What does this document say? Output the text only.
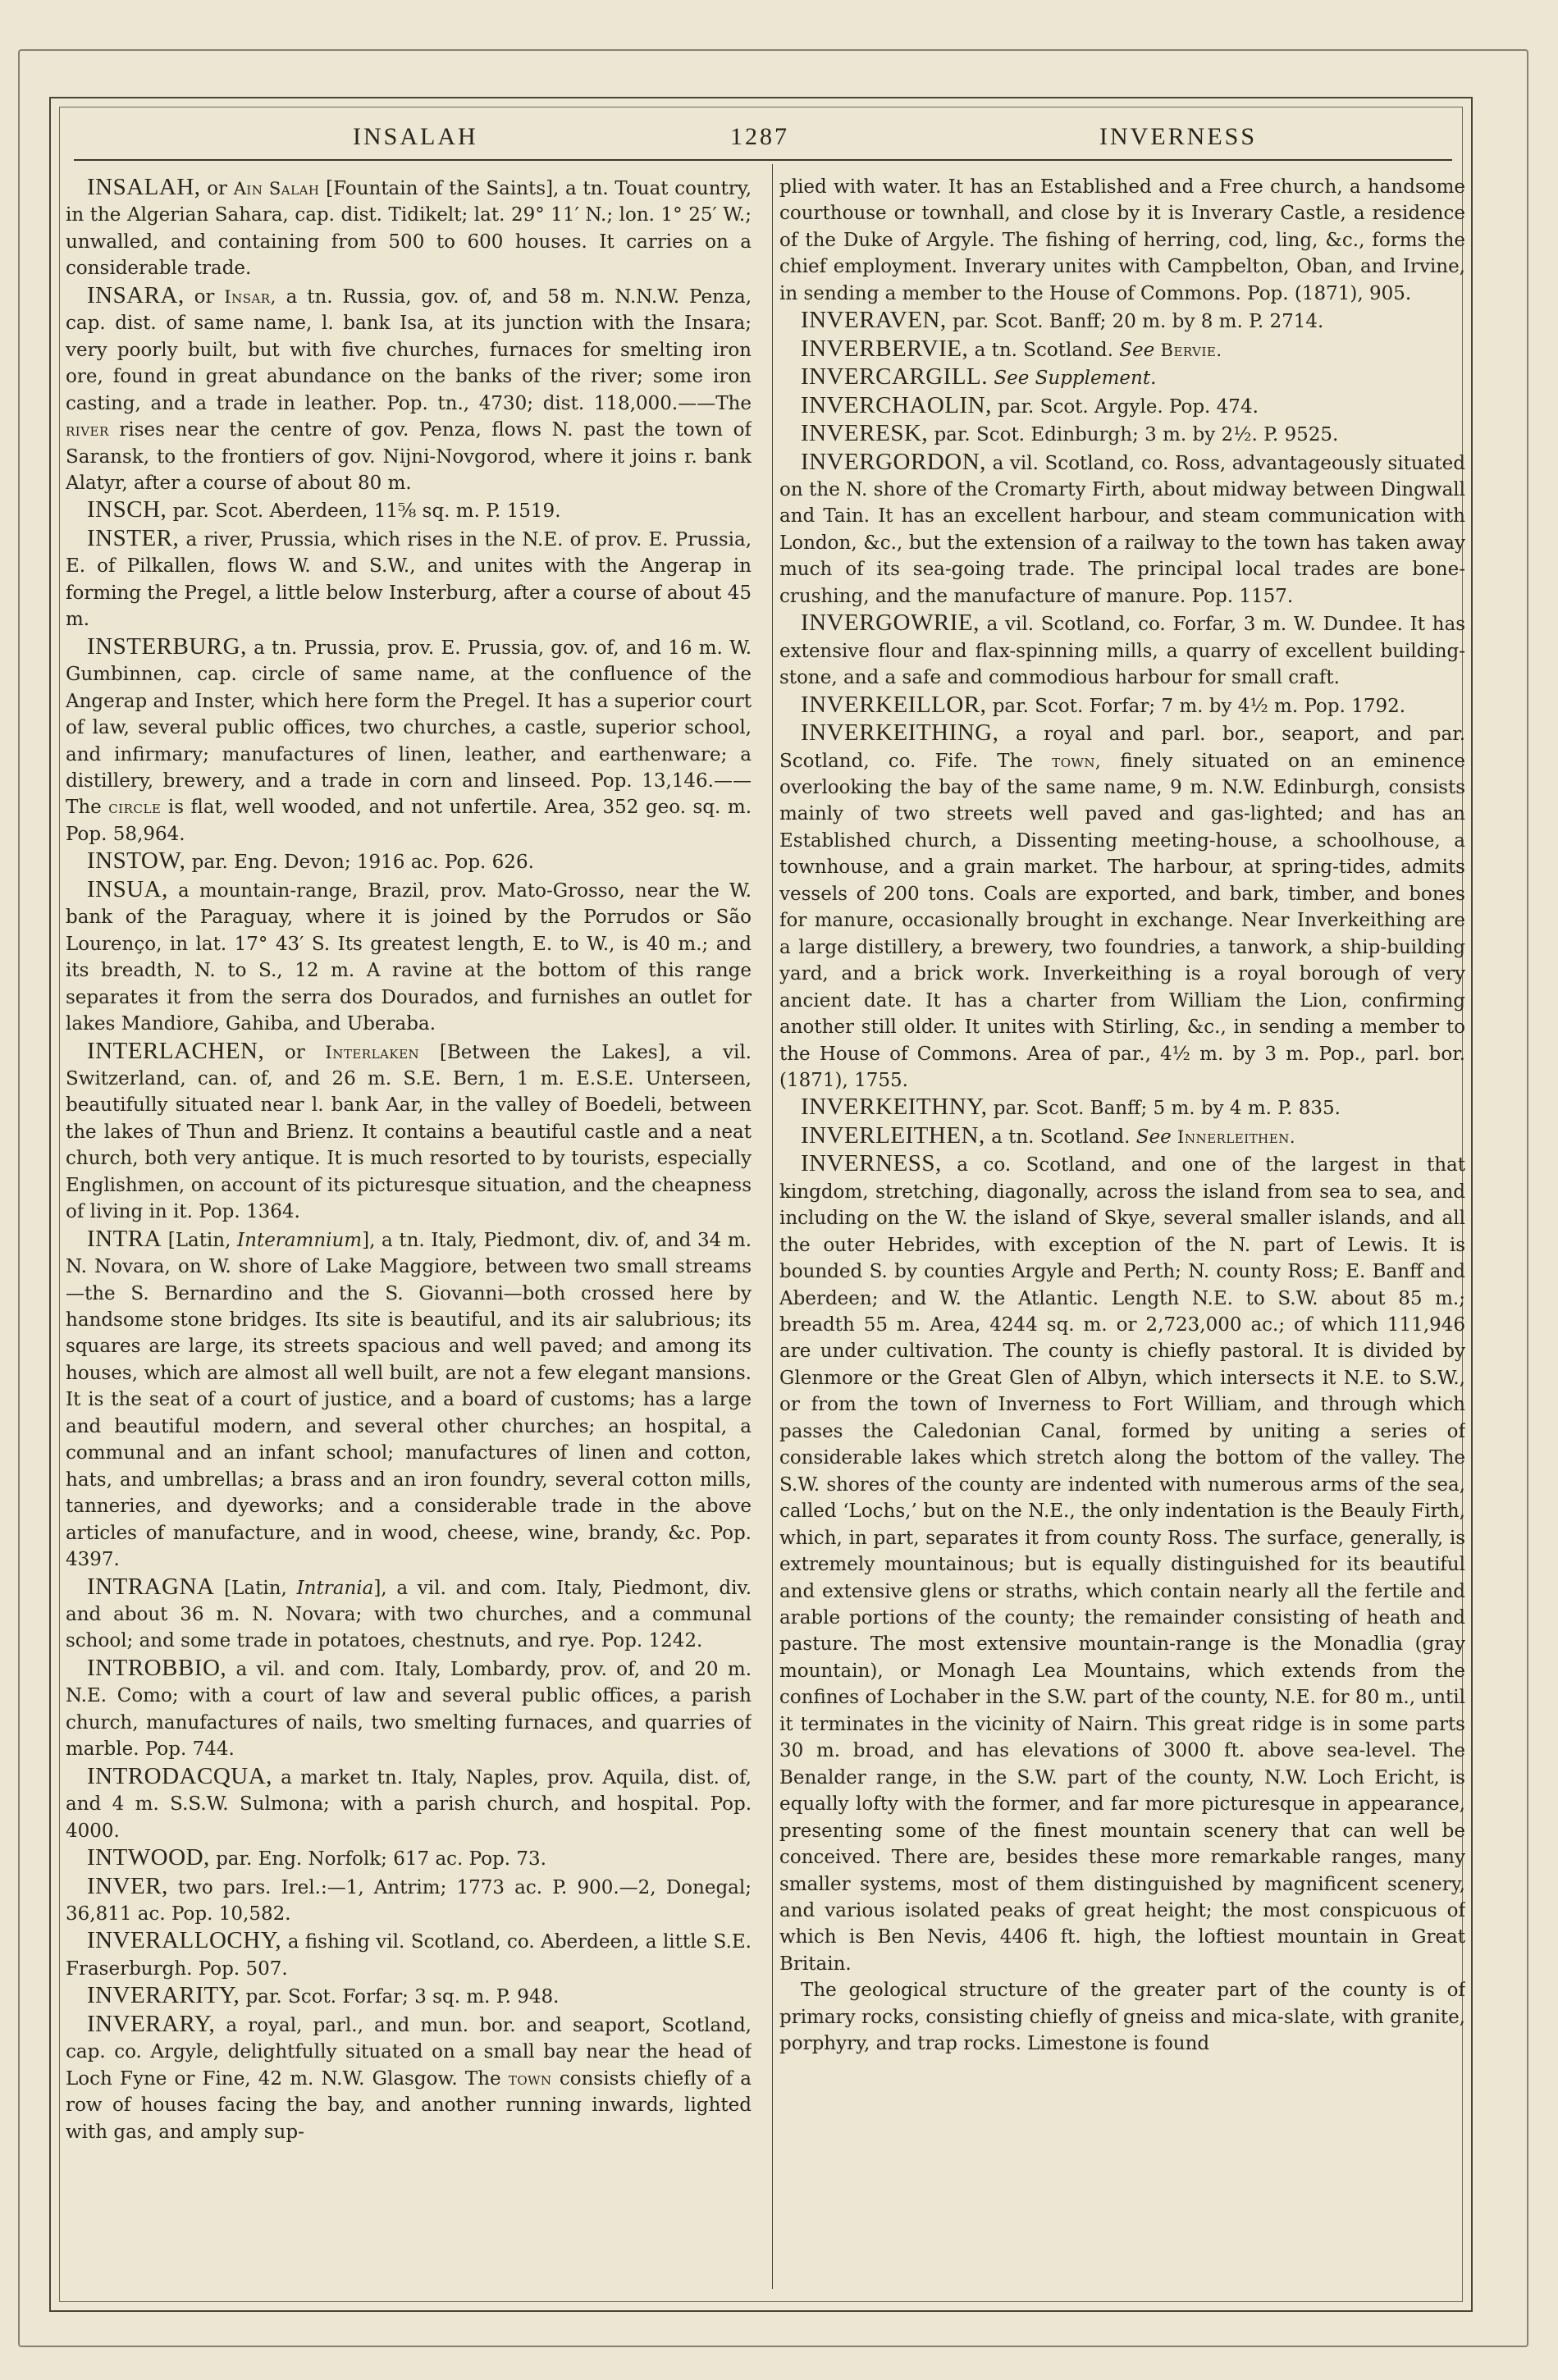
INSALAH	1287	INVERNESS

INSALAH, or Ain Salah [Fountain of the Saints], a tn. Touat country, in the Algerian Sahara, cap. dist. Tidikelt; lat. 29° 11′ N.; lon. 1° 25′ W.; unwalled, and containing from 500 to 600 houses. It carries on a considerable trade.

INSARA, or Insar, a tn. Russia, gov. of, and 58 m. N.N.W. Penza, cap. dist. of same name, l. bank Isa, at its junction with the Insara; very poorly built, but with five churches, furnaces for smelting iron ore, found in great abundance on the banks of the river; some iron casting, and a trade in leather. Pop. tn., 4730; dist. 118,000.——The river rises near the centre of gov. Penza, flows N. past the town of Saransk, to the frontiers of gov. Nijni-Novgorod, where it joins r. bank Alatyr, after a course of about 80 m.

INSCH, par. Scot. Aberdeen, 11⅝ sq. m. P. 1519.

INSTER, a river, Prussia, which rises in the N.E. of prov. E. Prussia, E. of Pilkallen, flows W. and S.W., and unites with the Angerap in forming the Pregel, a little below Insterburg, after a course of about 45 m.

INSTERBURG, a tn. Prussia, prov. E. Prussia, gov. of, and 16 m. W. Gumbinnen, cap. circle of same name, at the confluence of the Angerap and Inster, which here form the Pregel. It has a superior court of law, several public offices, two churches, a castle, superior school, and infirmary; manufactures of linen, leather, and earthenware; a distillery, brewery, and a trade in corn and linseed. Pop. 13,146.——The circle is flat, well wooded, and not unfertile. Area, 352 geo. sq. m. Pop. 58,964.

INSTOW, par. Eng. Devon; 1916 ac. Pop. 626.

INSUA, a mountain-range, Brazil, prov. Mato-Grosso, near the W. bank of the Paraguay, where it is joined by the Porrudos or São Lourenço, in lat. 17° 43′ S. Its greatest length, E. to W., is 40 m.; and its breadth, N. to S., 12 m. A ravine at the bottom of this range separates it from the serra dos Dourados, and furnishes an outlet for lakes Mandiore, Gahiba, and Uberaba.

INTERLACHEN, or Interlaken [Between the Lakes], a vil. Switzerland, can. of, and 26 m. S.E. Bern, 1 m. E.S.E. Unterseen, beautifully situated near l. bank Aar, in the valley of Boedeli, between the lakes of Thun and Brienz. It contains a beautiful castle and a neat church, both very antique. It is much resorted to by tourists, especially Englishmen, on account of its picturesque situation, and the cheapness of living in it. Pop. 1364.

INTRA [Latin, Interamnium], a tn. Italy, Piedmont, div. of, and 34 m. N. Novara, on W. shore of Lake Maggiore, between two small streams—the S. Bernardino and the S. Giovanni—both crossed here by handsome stone bridges. Its site is beautiful, and its air salubrious; its squares are large, its streets spacious and well paved; and among its houses, which are almost all well built, are not a few elegant mansions. It is the seat of a court of justice, and a board of customs; has a large and beautiful modern, and several other churches; an hospital, a communal and an infant school; manufactures of linen and cotton, hats, and umbrellas; a brass and an iron foundry, several cotton mills, tanneries, and dyeworks; and a considerable trade in the above articles of manufacture, and in wood, cheese, wine, brandy, &c. Pop. 4397.

INTRAGNA [Latin, Intrania], a vil. and com. Italy, Piedmont, div. and about 36 m. N. Novara; with two churches, and a communal school; and some trade in potatoes, chestnuts, and rye. Pop. 1242.

INTROBBIO, a vil. and com. Italy, Lombardy, prov. of, and 20 m. N.E. Como; with a court of law and several public offices, a parish church, manufactures of nails, two smelting furnaces, and quarries of marble. Pop. 744.

INTRODACQUA, a market tn. Italy, Naples, prov. Aquila, dist. of, and 4 m. S.S.W. Sulmona; with a parish church, and hospital. Pop. 4000.

INTWOOD, par. Eng. Norfolk; 617 ac. Pop. 73.

INVER, two pars. Irel.:—1, Antrim; 1773 ac. P. 900.—2, Donegal; 36,811 ac. Pop. 10,582.

INVERALLOCHY, a fishing vil. Scotland, co. Aberdeen, a little S.E. Fraserburgh. Pop. 507.

INVERARITY, par. Scot. Forfar; 3 sq. m. P. 948.

INVERARY, a royal, parl., and mun. bor. and seaport, Scotland, cap. co. Argyle, delightfully situated on a small bay near the head of Loch Fyne or Fine, 42 m. N.W. Glasgow. The town consists chiefly of a row of houses facing the bay, and another running inwards, lighted with gas, and amply sup-

plied with water. It has an Established and a Free church, a handsome courthouse or townhall, and close by it is Inverary Castle, a residence of the Duke of Argyle. The fishing of herring, cod, ling, &c., forms the chief employment. Inverary unites with Campbelton, Oban, and Irvine, in sending a member to the House of Commons. Pop. (1871), 905.

INVERAVEN, par. Scot. Banff; 20 m. by 8 m. P. 2714.

INVERBERVIE, a tn. Scotland. See Bervie.

INVERCARGILL. See Supplement.

INVERCHAOLIN, par. Scot. Argyle. Pop. 474.

INVERESK, par. Scot. Edinburgh; 3 m. by 2½. P. 9525.

INVERGORDON, a vil. Scotland, co. Ross, advantageously situated on the N. shore of the Cromarty Firth, about midway between Dingwall and Tain. It has an excellent harbour, and steam communication with London, &c., but the extension of a railway to the town has taken away much of its sea-going trade. The principal local trades are bone-crushing, and the manufacture of manure. Pop. 1157.

INVERGOWRIE, a vil. Scotland, co. Forfar, 3 m. W. Dundee. It has extensive flour and flax-spinning mills, a quarry of excellent building-stone, and a safe and commodious harbour for small craft.

INVERKEILLOR, par. Scot. Forfar; 7 m. by 4½ m. Pop. 1792.

INVERKEITHING, a royal and parl. bor., seaport, and par. Scotland, co. Fife. The town, finely situated on an eminence overlooking the bay of the same name, 9 m. N.W. Edinburgh, consists mainly of two streets well paved and gas-lighted; and has an Established church, a Dissenting meeting-house, a schoolhouse, a townhouse, and a grain market. The harbour, at spring-tides, admits vessels of 200 tons. Coals are exported, and bark, timber, and bones for manure, occasionally brought in exchange. Near Inverkeithing are a large distillery, a brewery, two foundries, a tanwork, a ship-building yard, and a brick work. Inverkeithing is a royal borough of very ancient date. It has a charter from William the Lion, confirming another still older. It unites with Stirling, &c., in sending a member to the House of Commons. Area of par., 4½ m. by 3 m. Pop., parl. bor. (1871), 1755.

INVERKEITHNY, par. Scot. Banff; 5 m. by 4 m. P. 835.

INVERLEITHEN, a tn. Scotland. See Innerleithen.

INVERNESS, a co. Scotland, and one of the largest in that kingdom, stretching, diagonally, across the island from sea to sea, and including on the W. the island of Skye, several smaller islands, and all the outer Hebrides, with exception of the N. part of Lewis. It is bounded S. by counties Argyle and Perth; N. county Ross; E. Banff and Aberdeen; and W. the Atlantic. Length N.E. to S.W. about 85 m.; breadth 55 m. Area, 4244 sq. m. or 2,723,000 ac.; of which 111,946 are under cultivation. The county is chiefly pastoral. It is divided by Glenmore or the Great Glen of Albyn, which intersects it N.E. to S.W., or from the town of Inverness to Fort William, and through which passes the Caledonian Canal, formed by uniting a series of considerable lakes which stretch along the bottom of the valley. The S.W. shores of the county are indented with numerous arms of the sea, called ‘Lochs,’ but on the N.E., the only indentation is the Beauly Firth, which, in part, separates it from county Ross. The surface, generally, is extremely mountainous; but is equally distinguished for its beautiful and extensive glens or straths, which contain nearly all the fertile and arable portions of the county; the remainder consisting of heath and pasture. The most extensive mountain-range is the Monadlia (gray mountain), or Monagh Lea Mountains, which extends from the confines of Lochaber in the S.W. part of the county, N.E. for 80 m., until it terminates in the vicinity of Nairn. This great ridge is in some parts 30 m. broad, and has elevations of 3000 ft. above sea-level. The Benalder range, in the S.W. part of the county, N.W. Loch Ericht, is equally lofty with the former, and far more picturesque in appearance, presenting some of the finest mountain scenery that can well be conceived. There are, besides these more remarkable ranges, many smaller systems, most of them distinguished by magnificent scenery, and various isolated peaks of great height; the most conspicuous of which is Ben Nevis, 4406 ft. high, the loftiest mountain in Great Britain.

The geological structure of the greater part of the county is of primary rocks, consisting chiefly of gneiss and mica-slate, with granite, porphyry, and trap rocks. Limestone is found
